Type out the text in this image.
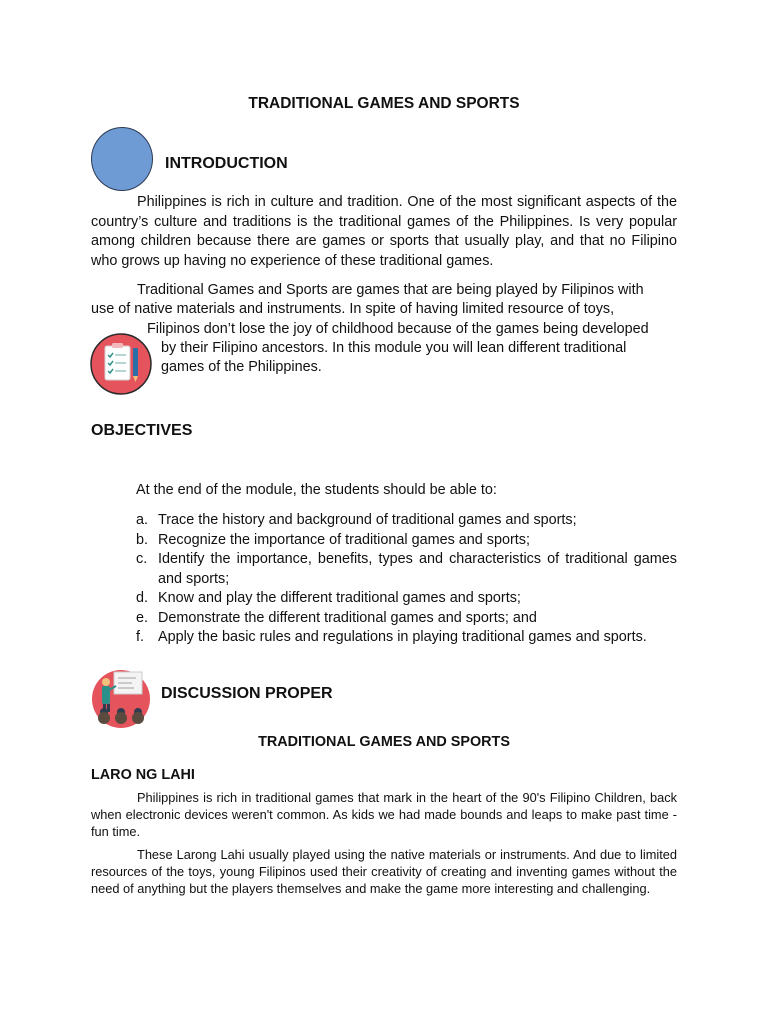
TRADITIONAL GAMES AND SPORTS
INTRODUCTION
Philippines is rich in culture and tradition. One of the most significant aspects of the country’s culture and traditions is the traditional games of the Philippines. Is very popular among children because there are games or sports that usually play, and that no Filipino who grows up having no experience of these traditional games.
Traditional Games and Sports are games that are being played by Filipinos with
use of native materials and instruments. In spite of having limited resource of toys,
Filipinos don’t lose the joy of childhood because of the games being developed
by their Filipino ancestors. In this module you will lean different traditional
games of the Philippines.
OBJECTIVES
At the end of the module, the students should be able to:
a. Trace the history and background of traditional games and sports;
b. Recognize the importance of traditional games and sports;
c. Identify the importance, benefits, types and characteristics of traditional games and sports;
d. Know and play the different traditional games and sports;
e. Demonstrate the different traditional games and sports; and
f. Apply the basic rules and regulations in playing traditional games and sports.
DISCUSSION PROPER
TRADITIONAL GAMES AND SPORTS
LARO NG LAHI
Philippines is rich in traditional games that mark in the heart of the 90's Filipino Children, back when electronic devices weren't common. As kids we had made bounds and leaps to make past time - fun time.
These Larong Lahi usually played using the native materials or instruments. And due to limited resources of the toys, young Filipinos used their creativity of creating and inventing games without the need of anything but the players themselves and make the game more interesting and challenging.
